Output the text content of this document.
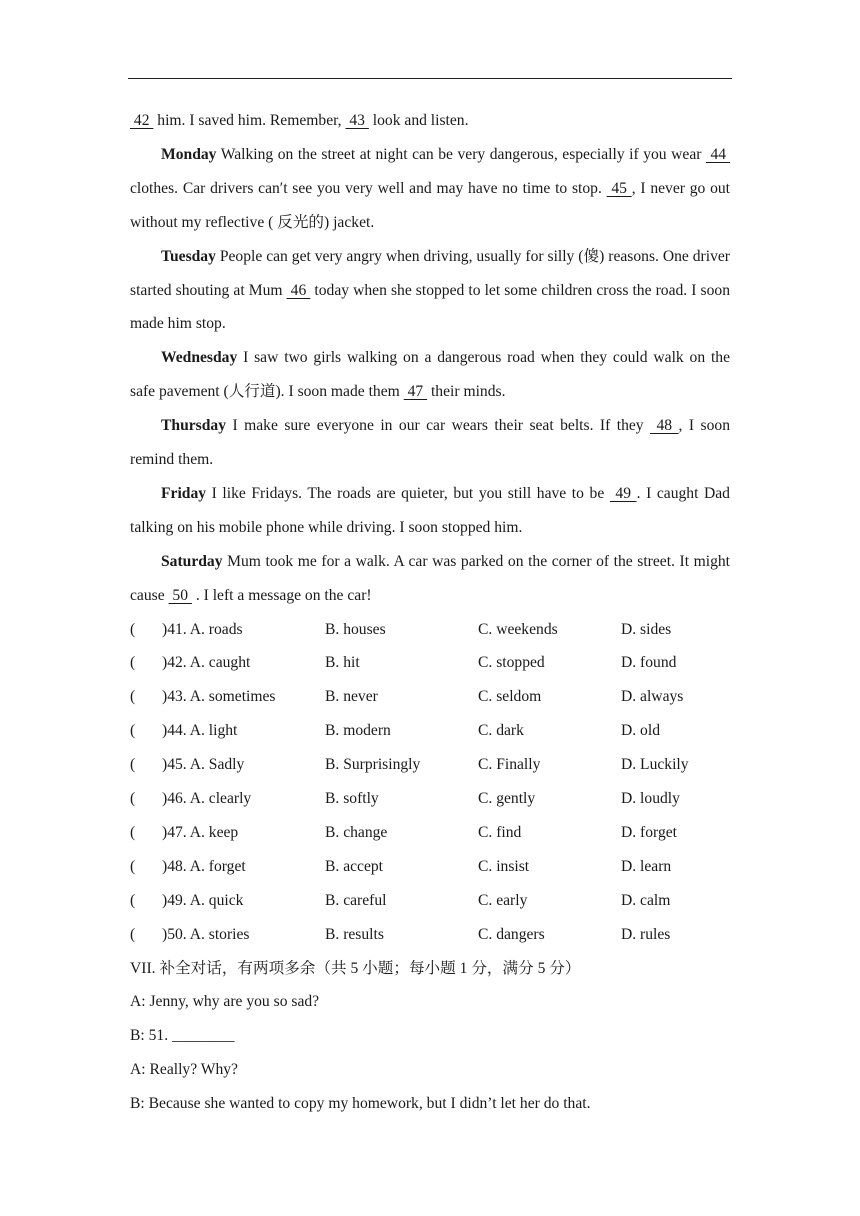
42  him. I saved him. Remember,  43  look and listen.

Monday Walking on the street at night can be very dangerous, especially if you wear  44  clothes. Car drivers can′t see you very well and may have no time to stop.  45 , I never go out without my reflective ( 反光的) jacket.

Tuesday People can get very angry when driving, usually for silly (傻) reasons. One driver started shouting at Mum  46  today when she stopped to let some children cross the road. I soon made him stop.

Wednesday I saw two girls walking on a dangerous road when they could walk on the safe pavement (人行道). I soon made them  47  their minds.

Thursday I make sure everyone in our car wears their seat belts. If they  48 , I soon remind them.

Friday I like Fridays. The roads are quieter, but you still have to be  49 . I caught Dad talking on his mobile phone while driving. I soon stopped him.

Saturday Mum took me for a walk. A car was parked on the corner of the street. It might cause  50  . I left a message on the car!

(	)41. A. roads	B. houses	C. weekends	D. sides
(	)42. A. caught	B. hit	C. stopped	D. found
(	)43. A. sometimes	B. never	C. seldom	D. always
(	)44. A. light	B. modern	C. dark	D. old
(	)45. A. Sadly	B. Surprisingly	C. Finally	D. Luckily
(	)46. A. clearly	B. softly	C. gently	D. loudly
(	)47. A. keep	B. change	C. find	D. forget
(	)48. A. forget	B. accept	C. insist	D. learn
(	)49. A. quick	B. careful	C. early	D. calm
(	)50. A. stories	B. results	C. dangers	D. rules

VII. 补全对话，有两项多余（共 5 小题；每小题 1 分，满分 5 分）

A: Jenny, why are you so sad?

B: 51. ________

A: Really? Why?

B: Because she wanted to copy my homework, but I didn’t let her do that.
